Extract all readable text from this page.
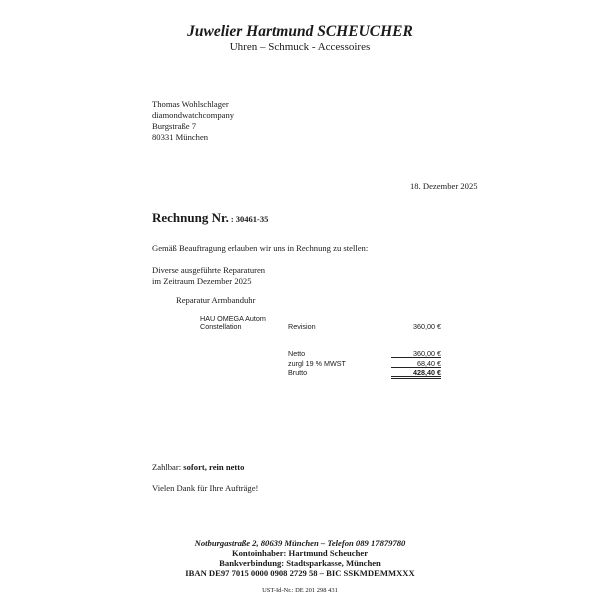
Juwelier Hartmund SCHEUCHER
Uhren – Schmuck - Accessoires
Thomas Wohlschlager
diamondwatchcompany
Burgstraße 7
80331 München
18. Dezember 2025
Rechnung Nr. : 30461-35
Gemäß Beauftragung erlauben wir uns in Rechnung zu stellen:
Diverse ausgeführte Reparaturen
im Zeitraum Dezember 2025
Reparatur Armbanduhr
HAU OMEGA Autom
Constellation	Revision	360,00 €
Netto	360,00 €
zurgl 19 % MWST	68,40 €
Brutto	428,40 €
Zahlbar: sofort, rein netto
Vielen Dank für Ihre Aufträge!
Notburgastraße 2, 80639 München – Telefon 089 17879780
Kontoinhaber: Hartmund Scheucher
Bankverbindung: Stadtsparkasse, München
IBAN DE97 7015 0000 0908 2729 58 – BIC SSKMDEMMXXX
UST-Id-Nr.: DE 201 298 431
